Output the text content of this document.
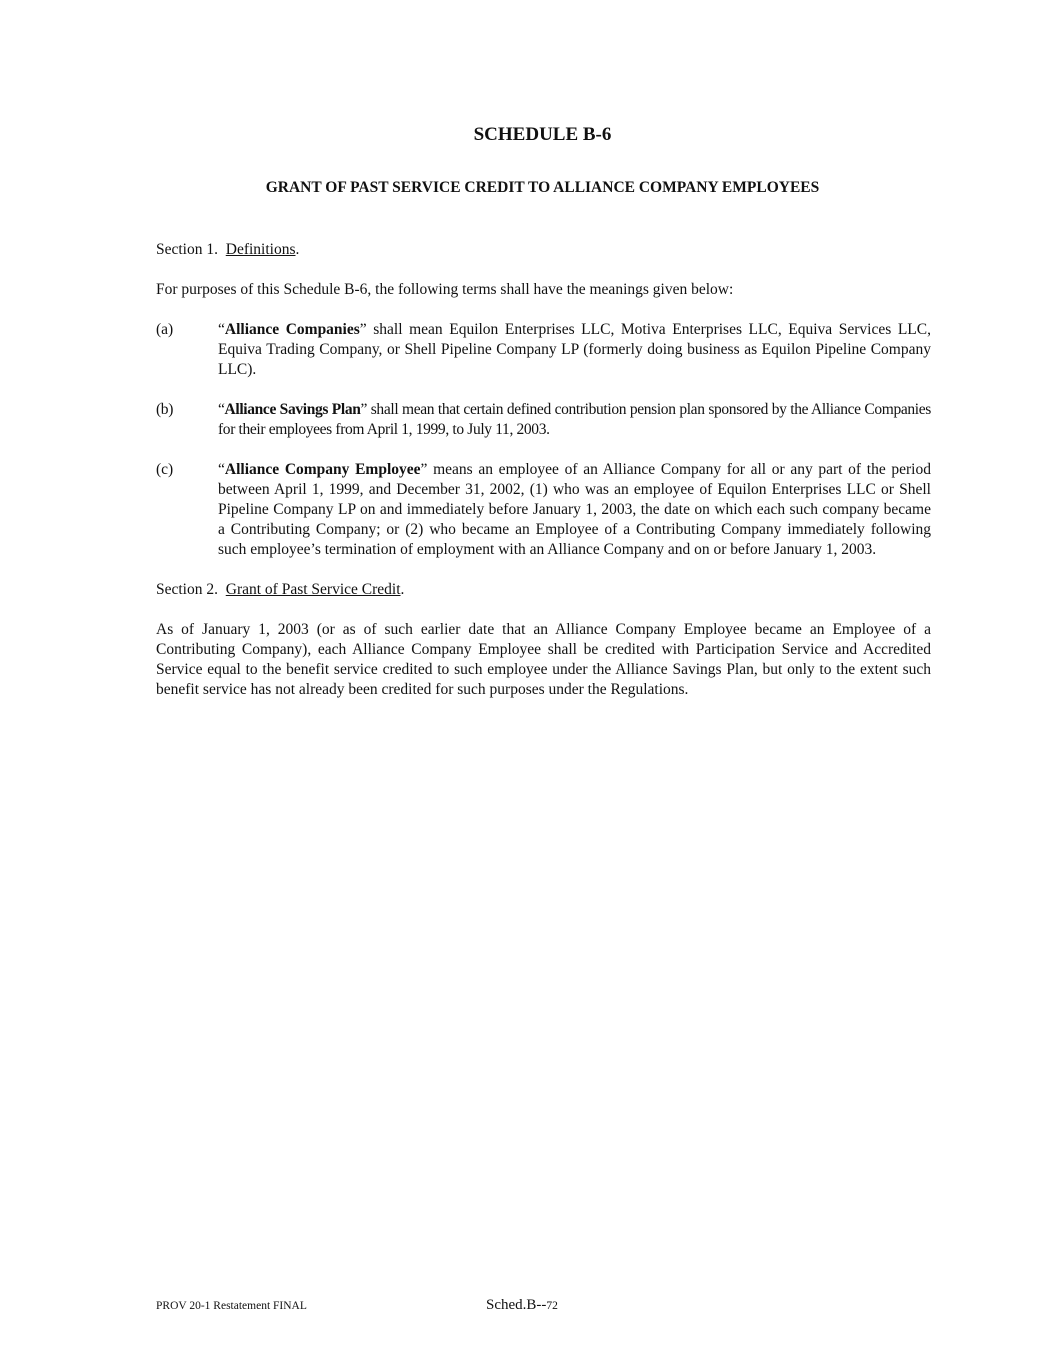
SCHEDULE B-6
GRANT OF PAST SERVICE CREDIT TO ALLIANCE COMPANY EMPLOYEES

Section 1. Definitions.

For purposes of this Schedule B-6, the following terms shall have the meanings given below:

(a)	“Alliance Companies” shall mean Equilon Enterprises LLC, Motiva Enterprises LLC, Equiva Services LLC, Equiva Trading Company, or Shell Pipeline Company LP (formerly doing business as Equilon Pipeline Company LLC).
(b)	“Alliance Savings Plan” shall mean that certain defined contribution pension plan sponsored by the Alliance Companies for their employees from April 1, 1999, to July 11, 2003.
(c)	“Alliance Company Employee” means an employee of an Alliance Company for all or any part of the period between April 1, 1999, and December 31, 2002, (1) who was an employee of Equilon Enterprises LLC or Shell Pipeline Company LP on and immediately before January 1, 2003, the date on which each such company became a Contributing Company; or (2) who became an Employee of a Contributing Company immediately following such employee’s termination of employment with an Alliance Company and on or before January 1, 2003.

Section 2. Grant of Past Service Credit.

As of January 1, 2003 (or as of such earlier date that an Alliance Company Employee became an Employee of a Contributing Company), each Alliance Company Employee shall be credited with Participation Service and Accredited Service equal to the benefit service credited to such employee under the Alliance Savings Plan, but only to the extent such benefit service has not already been credited for such purposes under the Regulations.

PROV 20-1 Restatement FINAL	Sched.B--72
